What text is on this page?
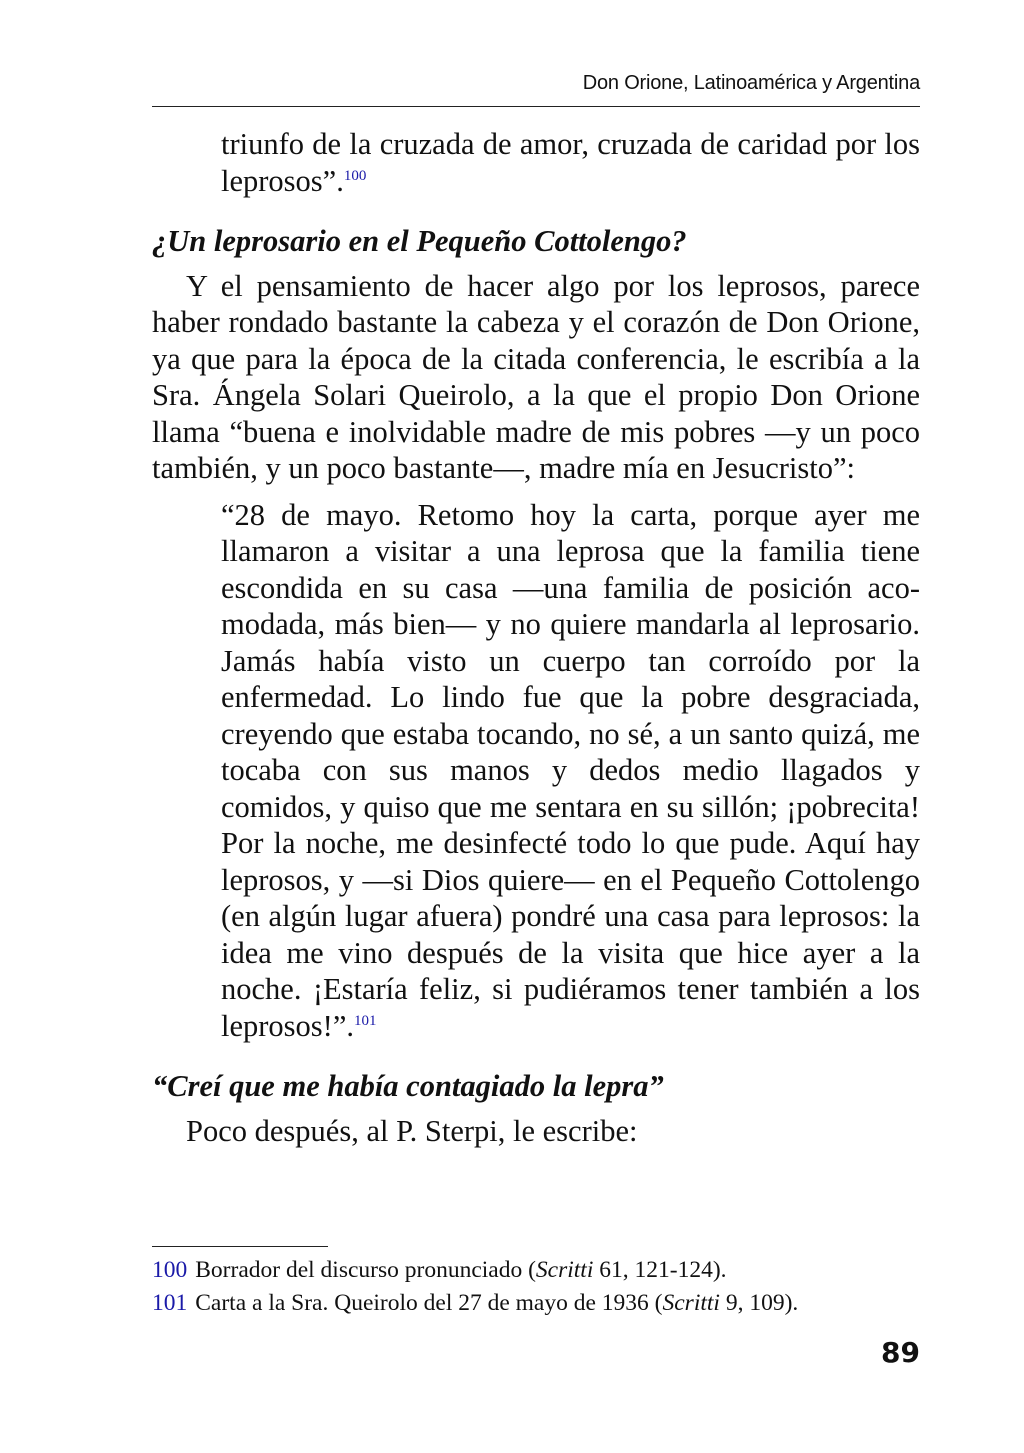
Don Orione, Latinoamérica y Argentina

triunfo de la cruzada de amor, cruzada de caridad por los leprosos”.$^{100}$

¿Un leprosario en el Pequeño Cottolengo?

Y el pensamiento de hacer algo por los leprosos, parece haber rondado bastante la cabeza y el corazón de Don Orione, ya que para la época de la citada conferencia, le escribía a la Sra. Ángela Solari Queirolo, a la que el propio Don Orione llama “buena e inolvidable madre de mis pobres —y un poco también, y un poco bastante—, madre mía en Jesucristo”:

“28 de mayo. Retomo hoy la carta, porque ayer me llamaron a visitar a una leprosa que la familia tiene escondida en su casa —una familia de posición acomodada, más bien— y no quiere mandarla al leprosario. Jamás había visto un cuerpo tan corroído por la enfermedad. Lo lindo fue que la pobre desgraciada, creyendo que estaba tocando, no sé, a un santo quizá, me tocaba con sus manos y dedos medio llagados y comidos, y quiso que me sentara en su sillón; ¡pobrecita! Por la noche, me desinfecté todo lo que pude. Aquí hay leprosos, y —si Dios quiere— en el Pequeño Cottolengo (en algún lugar afuera) pondré una casa para leprosos: la idea me vino después de la visita que hice ayer a la noche. ¡Estaría feliz, si pudiéramos tener también a los leprosos!”.$^{101}$

“Creí que me había contagiado la lepra”

Poco después, al P. Sterpi, le escribe:

100 Borrador del discurso pronunciado (Scritti 61, 121-124).

101 Carta a la Sra. Queirolo del 27 de mayo de 1936 (Scritti 9, 109).

89
